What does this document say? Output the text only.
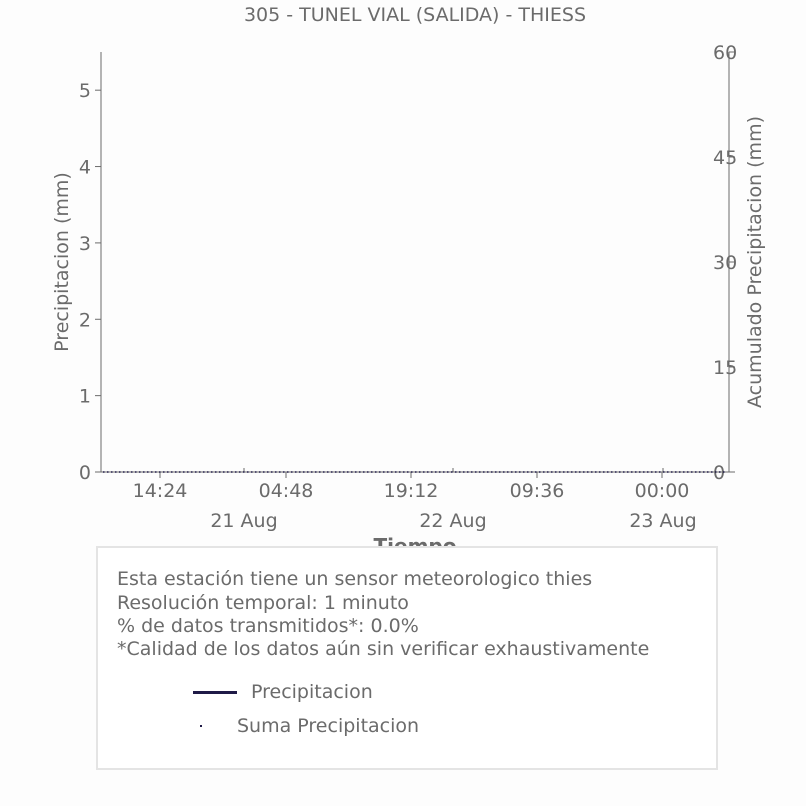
305 - TUNEL VIAL (SALIDA) - THIESS
0
1
2
3
4
5
Precipitacion (mm)
0
15
30
45
60
Acumulado Precipitacion (mm)
14:24	04:48	19:12	09:36	00:00
21 Aug	22 Aug	23 Aug
Esta estación tiene un sensor meteorologico thies
Resolución temporal: 1 minuto
% de datos transmitidos*: 0.0%
*Calidad de los datos aún sin verificar exhaustivamente
Precipitacion
Suma Precipitacion
